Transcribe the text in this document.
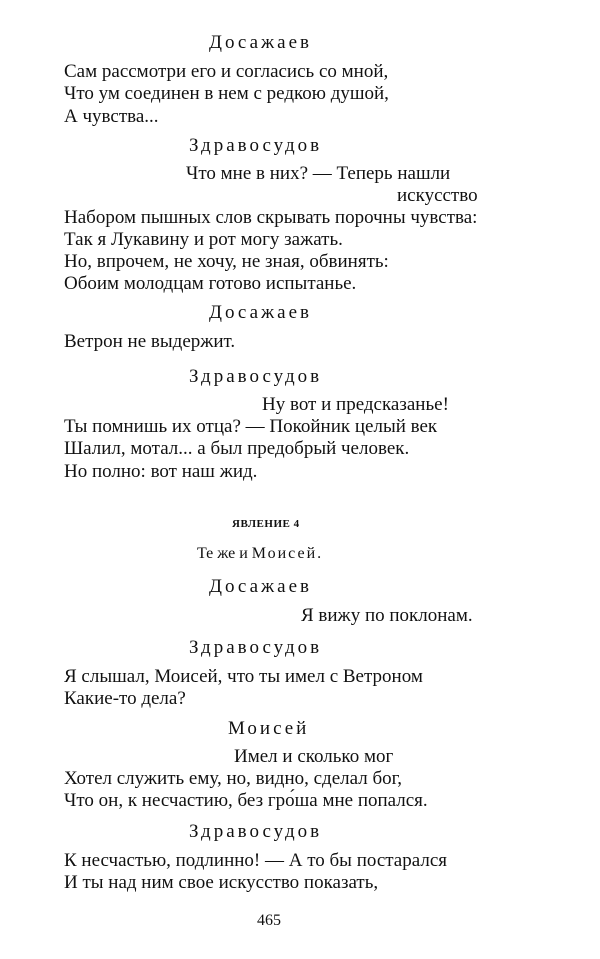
Досажаев
Сам рассмотри его и согласись со мной,
Что ум соединен в нем с редкою душой,
А чувства...
Здравосудов
Что мне в них? — Теперь нашли
искусство
Набором пышных слов скрывать порочны чувства:
Так я Лукавину и рот могу зажать.
Но, впрочем, не хочу, не зная, обвинять:
Обоим молодцам готово испытанье.
Досажаев
Ветрон не выдержит.
Здравосудов
Ну вот и предсказанье!
Ты помнишь их отца? — Покойник целый век
Шалил, мотал... а был предобрый человек.
Но полно: вот наш жид.
ЯВЛЕНИЕ 4
Те же и Моисей.
Досажаев
Я вижу по поклонам.
Здравосудов
Я слышал, Моисей, что ты имел с Ветроном
Какие-то дела?
Моисей
Имел и сколько мог
Хотел служить ему, но, видно, сделал бог,
Что он, к несчастию, без гро́ша мне попался.
Здравосудов
К несчастью, подлинно! — А то бы постарался
И ты над ним свое искусство показать,
465
